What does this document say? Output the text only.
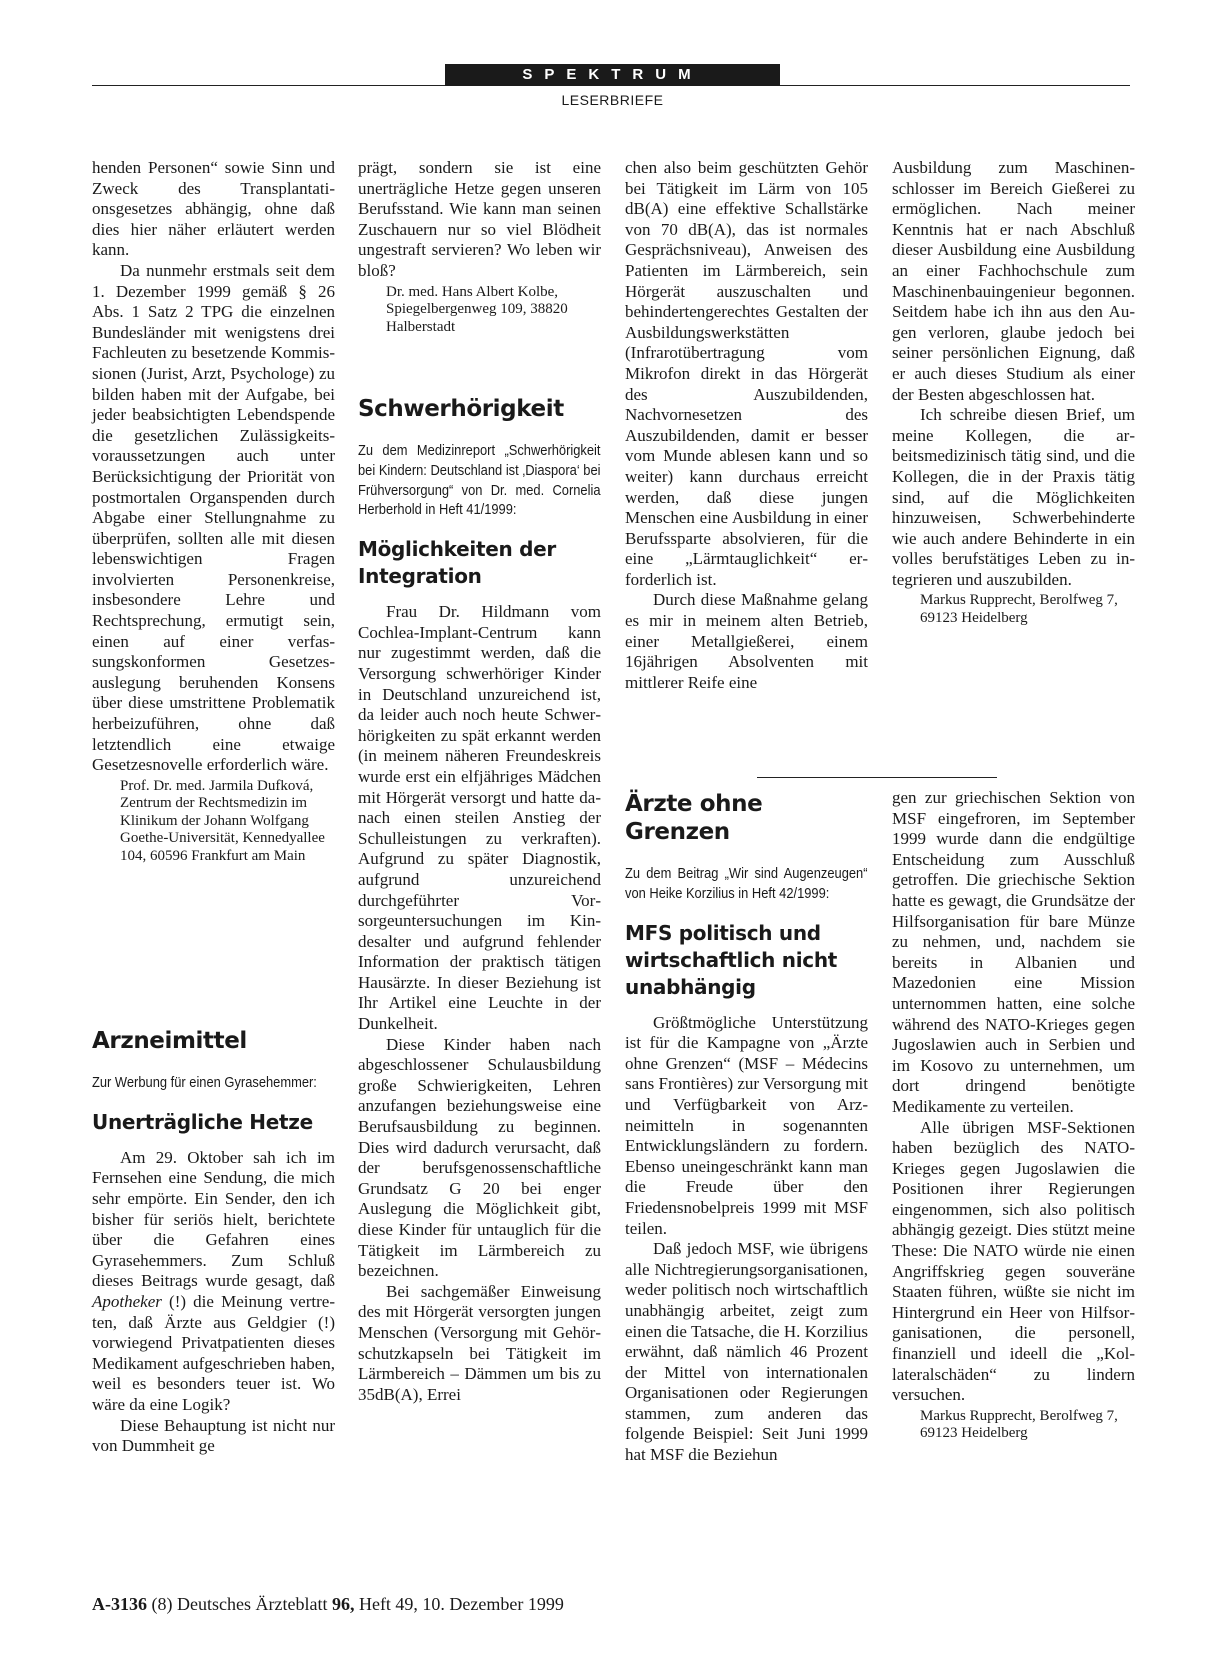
SPEKTRUM
LESERBRIEFE

henden Personen“ sowie Sinn und Zweck des Transplantationsgesetzes abhängig, ohne daß dies hier näher erläutert werden kann.

Da nunmehr erstmals seit dem 1. Dezember 1999 gemäß § 26 Abs. 1 Satz 2 TPG die einzelnen Bundesländer mit wenigstens drei Fachleuten zu besetzende Kommissionen (Jurist, Arzt, Psychologe) zu bilden haben mit der Aufgabe, bei jeder beabsichtigten Lebendspende die gesetzlichen Zulässigkeitsvoraussetzungen auch unter Berücksichtigung der Priorität von postmortalen Organspenden durch Abgabe einer Stellungnahme zu überprüfen, sollten alle mit diesen lebenswichtigen Fragen involvierten Personenkreise, insbesondere Lehre und Rechtsprechung, ermutigt sein, einen auf einer verfassungskonformen Gesetzesauslegung beruhenden Konsens über diese umstrittene Problematik herbeizuführen, ohne daß letztendlich eine etwaige Gesetzesnovelle erforderlich wäre.

Prof. Dr. med. Jarmila Dufková, Zentrum der Rechtsmedizin im Klinikum der Johann Wolfgang Goethe-Universität, Kennedyallee 104, 60596 Frankfurt am Main

Arzneimittel

Zur Werbung für einen Gyrasehemmer:

Unerträgliche Hetze

Am 29. Oktober sah ich im Fernsehen eine Sendung, die mich sehr empörte. Ein Sender, den ich bisher für seriös hielt, berichtete über die Gefahren eines Gyrasehemmers. Zum Schluß dieses Beitrags wurde gesagt, daß Apotheker (!) die Meinung vertreten, daß Ärzte aus Geldgier (!) vorwiegend Privatpatienten dieses Medikament aufgeschrieben haben, weil es besonders teuer ist. Wo wäre da eine Logik?

Diese Behauptung ist nicht nur von Dummheit ge

prägt, sondern sie ist eine unerträgliche Hetze gegen unseren Berufsstand. Wie kann man seinen Zuschauern nur so viel Blödheit ungestraft servieren? Wo leben wir bloß?

Dr. med. Hans Albert Kolbe, Spiegelbergenweg 109, 38820 Halberstadt

Schwerhörigkeit

Zu dem Medizinreport „Schwerhörigkeit bei Kindern: Deutschland ist ‚Diaspora‘ bei Frühversorgung“ von Dr. med. Cornelia Herberhold in Heft 41/1999:

Möglichkeiten der Integration

Frau Dr. Hildmann vom Cochlea-Implant-Centrum kann nur zugestimmt werden, daß die Versorgung schwerhöriger Kinder in Deutschland unzureichend ist, da leider auch noch heute Schwerhörigkeiten zu spät erkannt werden (in meinem näheren Freundeskreis wurde erst ein elfjähriges Mädchen mit Hörgerät versorgt und hatte danach einen steilen Anstieg der Schulleistungen zu verkraften). Aufgrund zu später Diagnostik, aufgrund unzureichend durchgeführter Vorsorgeuntersuchungen im Kindesalter und aufgrund fehlender Information der praktisch tätigen Hausärzte. In dieser Beziehung ist Ihr Artikel eine Leuchte in der Dunkelheit.

Diese Kinder haben nach abgeschlossener Schulausbildung große Schwierigkeiten, Lehren anzufangen beziehungsweise eine Berufsausbildung zu beginnen. Dies wird dadurch verursacht, daß der berufsgenossenschaftliche Grundsatz G 20 bei enger Auslegung die Möglichkeit gibt, diese Kinder für untauglich für die Tätigkeit im Lärmbereich zu bezeichnen.

Bei sachgemäßer Einweisung des mit Hörgerät versorgten jungen Menschen (Versorgung mit Gehörschutzkapseln bei Tätigkeit im Lärmbereich – Dämmen um bis zu 35dB(A), Errei

chen also beim geschützten Gehör bei Tätigkeit im Lärm von 105 dB(A) eine effektive Schallstärke von 70 dB(A), das ist normales Gesprächsniveau), Anweisen des Patienten im Lärmbereich, sein Hörgerät auszuschalten und behindertengerechtes Gestalten der Ausbildungswerkstätten (Infrarotübertragung vom Mikrofon direkt in das Hörgerät des Auszubildenden, Nachvornesetzen des Auszubildenden, damit er besser vom Munde ablesen kann und so weiter) kann durchaus erreicht werden, daß diese jungen Menschen eine Ausbildung in einer Berufssparte absolvieren, für die eine „Lärmtauglichkeit“ erforderlich ist.

Durch diese Maßnahme gelang es mir in meinem alten Betrieb, einer Metallgießerei, einem 16jährigen Absolventen mit mittlerer Reife eine

Ärzte ohne Grenzen

Zu dem Beitrag „Wir sind Augenzeugen“ von Heike Korzilius in Heft 42/1999:

MFS politisch und wirtschaftlich nicht unabhängig

Größtmögliche Unterstützung ist für die Kampagne von „Ärzte ohne Grenzen“ (MSF – Médecins sans Frontières) zur Versorgung mit und Verfügbarkeit von Arzneimitteln in sogenannten Entwicklungsländern zu fordern. Ebenso uneingeschränkt kann man die Freude über den Friedensnobelpreis 1999 mit MSF teilen.

Daß jedoch MSF, wie übrigens alle Nichtregierungsorganisationen, weder politisch noch wirtschaftlich unabhängig arbeitet, zeigt zum einen die Tatsache, die H. Korzilius erwähnt, daß nämlich 46 Prozent der Mittel von internationalen Organisationen oder Regierungen stammen, zum anderen das folgende Beispiel: Seit Juni 1999 hat MSF die Beziehun

Ausbildung zum Maschinenschlosser im Bereich Gießerei zu ermöglichen. Nach meiner Kenntnis hat er nach Abschluß dieser Ausbildung eine Ausbildung an einer Fachhochschule zum Maschinenbauingenieur begonnen. Seitdem habe ich ihn aus den Augen verloren, glaube jedoch bei seiner persönlichen Eignung, daß er auch dieses Studium als einer der Besten abgeschlossen hat.

Ich schreibe diesen Brief, um meine Kollegen, die arbeitsmedizinisch tätig sind, und die Kollegen, die in der Praxis tätig sind, auf die Möglichkeiten hinzuweisen, Schwerbehinderte wie auch andere Behinderte in ein volles berufstätiges Leben zu integrieren und auszubilden.

Markus Rupprecht, Berolfweg 7, 69123 Heidelberg

gen zur griechischen Sektion von MSF eingefroren, im September 1999 wurde dann die endgültige Entscheidung zum Ausschluß getroffen. Die griechische Sektion hatte es gewagt, die Grundsätze der Hilfsorganisation für bare Münze zu nehmen, und, nachdem sie bereits in Albanien und Mazedonien eine Mission unternommen hatten, eine solche während des NATO-Krieges gegen Jugoslawien auch in Serbien und im Kosovo zu unternehmen, um dort dringend benötigte Medikamente zu verteilen.

Alle übrigen MSF-Sektionen haben bezüglich des NATO-Krieges gegen Jugoslawien die Positionen ihrer Regierungen eingenommen, sich also politisch abhängig gezeigt. Dies stützt meine These: Die NATO würde nie einen Angriffskrieg gegen souveräne Staaten führen, wüßte sie nicht im Hintergrund ein Heer von Hilfsorganisationen, die personell, finanziell und ideell die „Kollateralschäden“ zu lindern versuchen.

Markus Rupprecht, Berolfweg 7, 69123 Heidelberg

A-3136 (8) Deutsches Ärzteblatt 96, Heft 49, 10. Dezember 1999
